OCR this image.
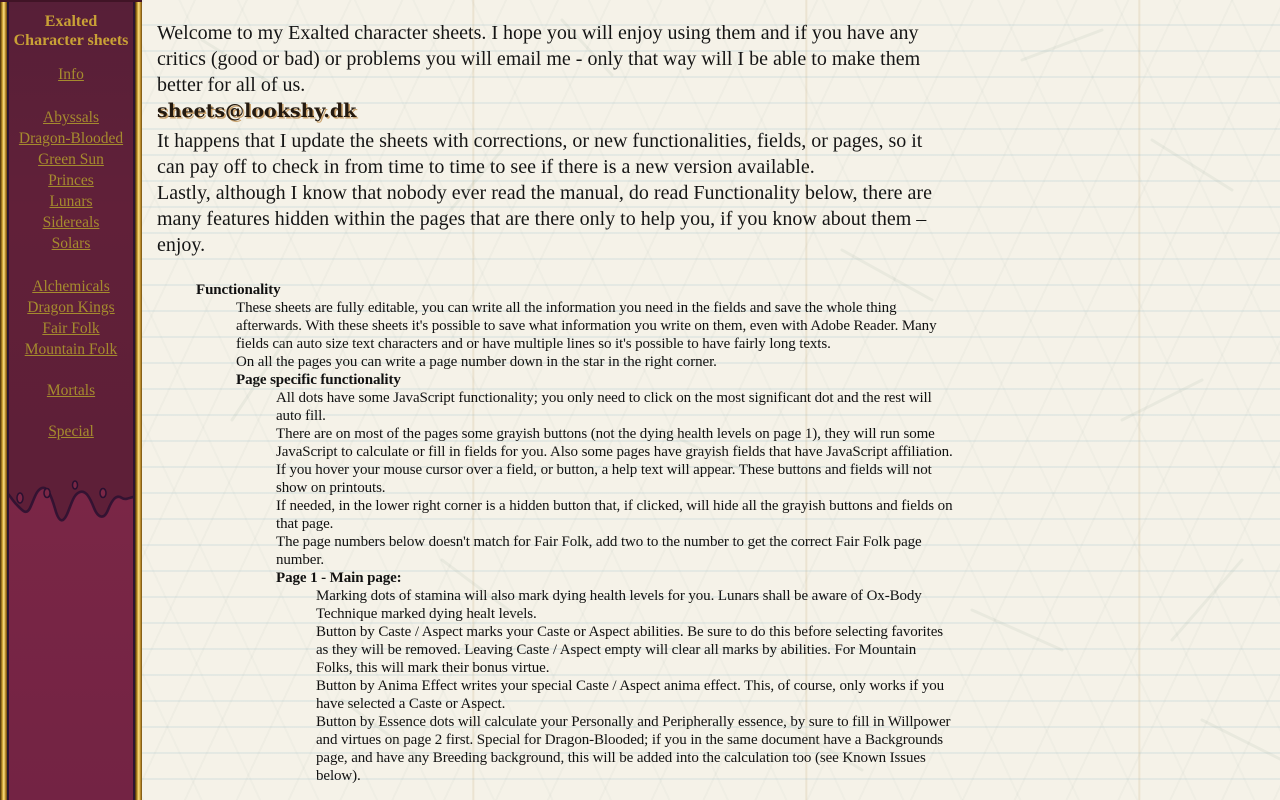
Exalted
Character sheets
Info
Abyssals
Dragon-Blooded
Green Sun Princes
Lunars
Sidereals
Solars
Alchemicals
Dragon Kings
Fair Folk
Mountain Folk
Mortals
Special

Welcome to my Exalted character sheets. I hope you will enjoy using them and if you have any critics (good or bad) or problems you will email me - only that way will I be able to make them better for all of us.

sheets@lookshy.dk

It happens that I update the sheets with corrections, or new functionalities, fields, or pages, so it can pay off to check in from time to time to see if there is a new version available.

Lastly, although I know that nobody ever read the manual, do read Functionality below, there are many features hidden within the pages that are there only to help you, if you know about them – enjoy.

Functionality
These sheets are fully editable, you can write all the information you need in the fields and save the whole thing afterwards. With these sheets it's possible to save what information you write on them, even with Adobe Reader. Many fields can auto size text characters and or have multiple lines so it's possible to have fairly long texts.
On all the pages you can write a page number down in the star in the right corner.
Page specific functionality
All dots have some JavaScript functionality; you only need to click on the most significant dot and the rest will auto fill.
There are on most of the pages some grayish buttons (not the dying health levels on page 1), they will run some JavaScript to calculate or fill in fields for you. Also some pages have grayish fields that have JavaScript affiliation. If you hover your mouse cursor over a field, or button, a help text will appear. These buttons and fields will not show on printouts.
If needed, in the lower right corner is a hidden button that, if clicked, will hide all the grayish buttons and fields on that page.
The page numbers below doesn't match for Fair Folk, add two to the number to get the correct Fair Folk page number.
Page 1 - Main page:
Marking dots of stamina will also mark dying health levels for you. Lunars shall be aware of Ox-Body Technique marked dying healt levels.
Button by Caste / Aspect marks your Caste or Aspect abilities. Be sure to do this before selecting favorites as they will be removed. Leaving Caste / Aspect empty will clear all marks by abilities. For Mountain Folks, this will mark their bonus virtue.
Button by Anima Effect writes your special Caste / Aspect anima effect. This, of course, only works if you have selected a Caste or Aspect.
Button by Essence dots will calculate your Personally and Peripherally essence, by sure to fill in Willpower and virtues on page 2 first. Special for Dragon-Blooded; if you in the same document have a Backgrounds page, and have any Breeding background, this will be added into the calculation too (see Known Issues below).
